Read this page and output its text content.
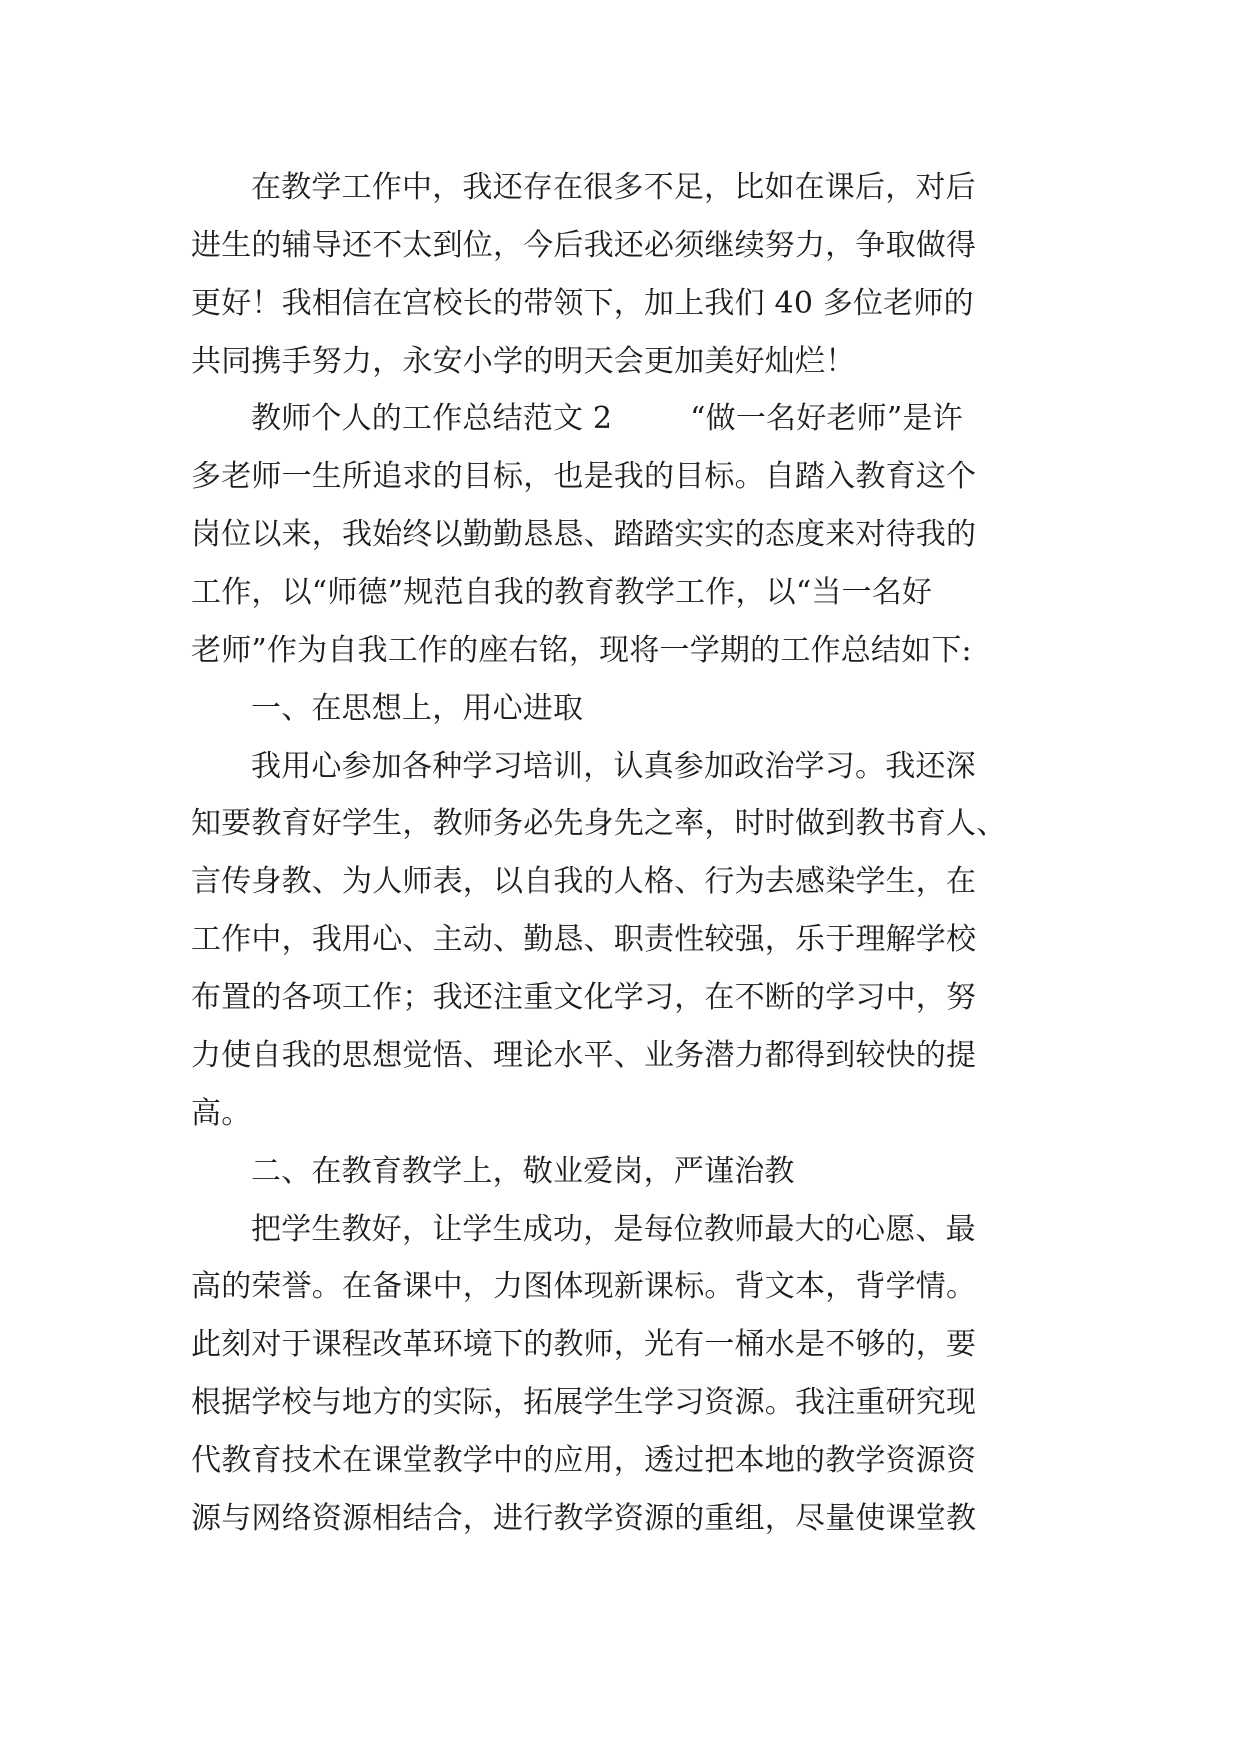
在教学工作中，我还存在很多不足，比如在课后，对后
进生的辅导还不太到位，今后我还必须继续努力，争取做得
更好！我相信在宫校长的带领下，加上我们 40 多位老师的
共同携手努力，永安小学的明天会更加美好灿烂！
教师个人的工作总结范文 2        “做一名好老师”是许
多老师一生所追求的目标，也是我的目标。自踏入教育这个
岗位以来，我始终以勤勤恳恳、踏踏实实的态度来对待我的
工作，以“师德”规范自我的教育教学工作，以“当一名好
老师”作为自我工作的座右铭，现将一学期的工作总结如下:
一、在思想上，用心进取
我用心参加各种学习培训，认真参加政治学习。我还深
知要教育好学生，教师务必先身先之率，时时做到教书育人、
言传身教、为人师表，以自我的人格、行为去感染学生，在
工作中，我用心、主动、勤恳、职责性较强，乐于理解学校
布置的各项工作；我还注重文化学习，在不断的学习中，努
力使自我的思想觉悟、理论水平、业务潜力都得到较快的提
高。
二、在教育教学上，敬业爱岗，严谨治教
把学生教好，让学生成功，是每位教师最大的心愿、最
高的荣誉。在备课中，力图体现新课标。背文本，背学情。
此刻对于课程改革环境下的教师，光有一桶水是不够的，要
根据学校与地方的实际，拓展学生学习资源。我注重研究现
代教育技术在课堂教学中的应用，透过把本地的教学资源资
源与网络资源相结合，进行教学资源的重组，尽量使课堂教
